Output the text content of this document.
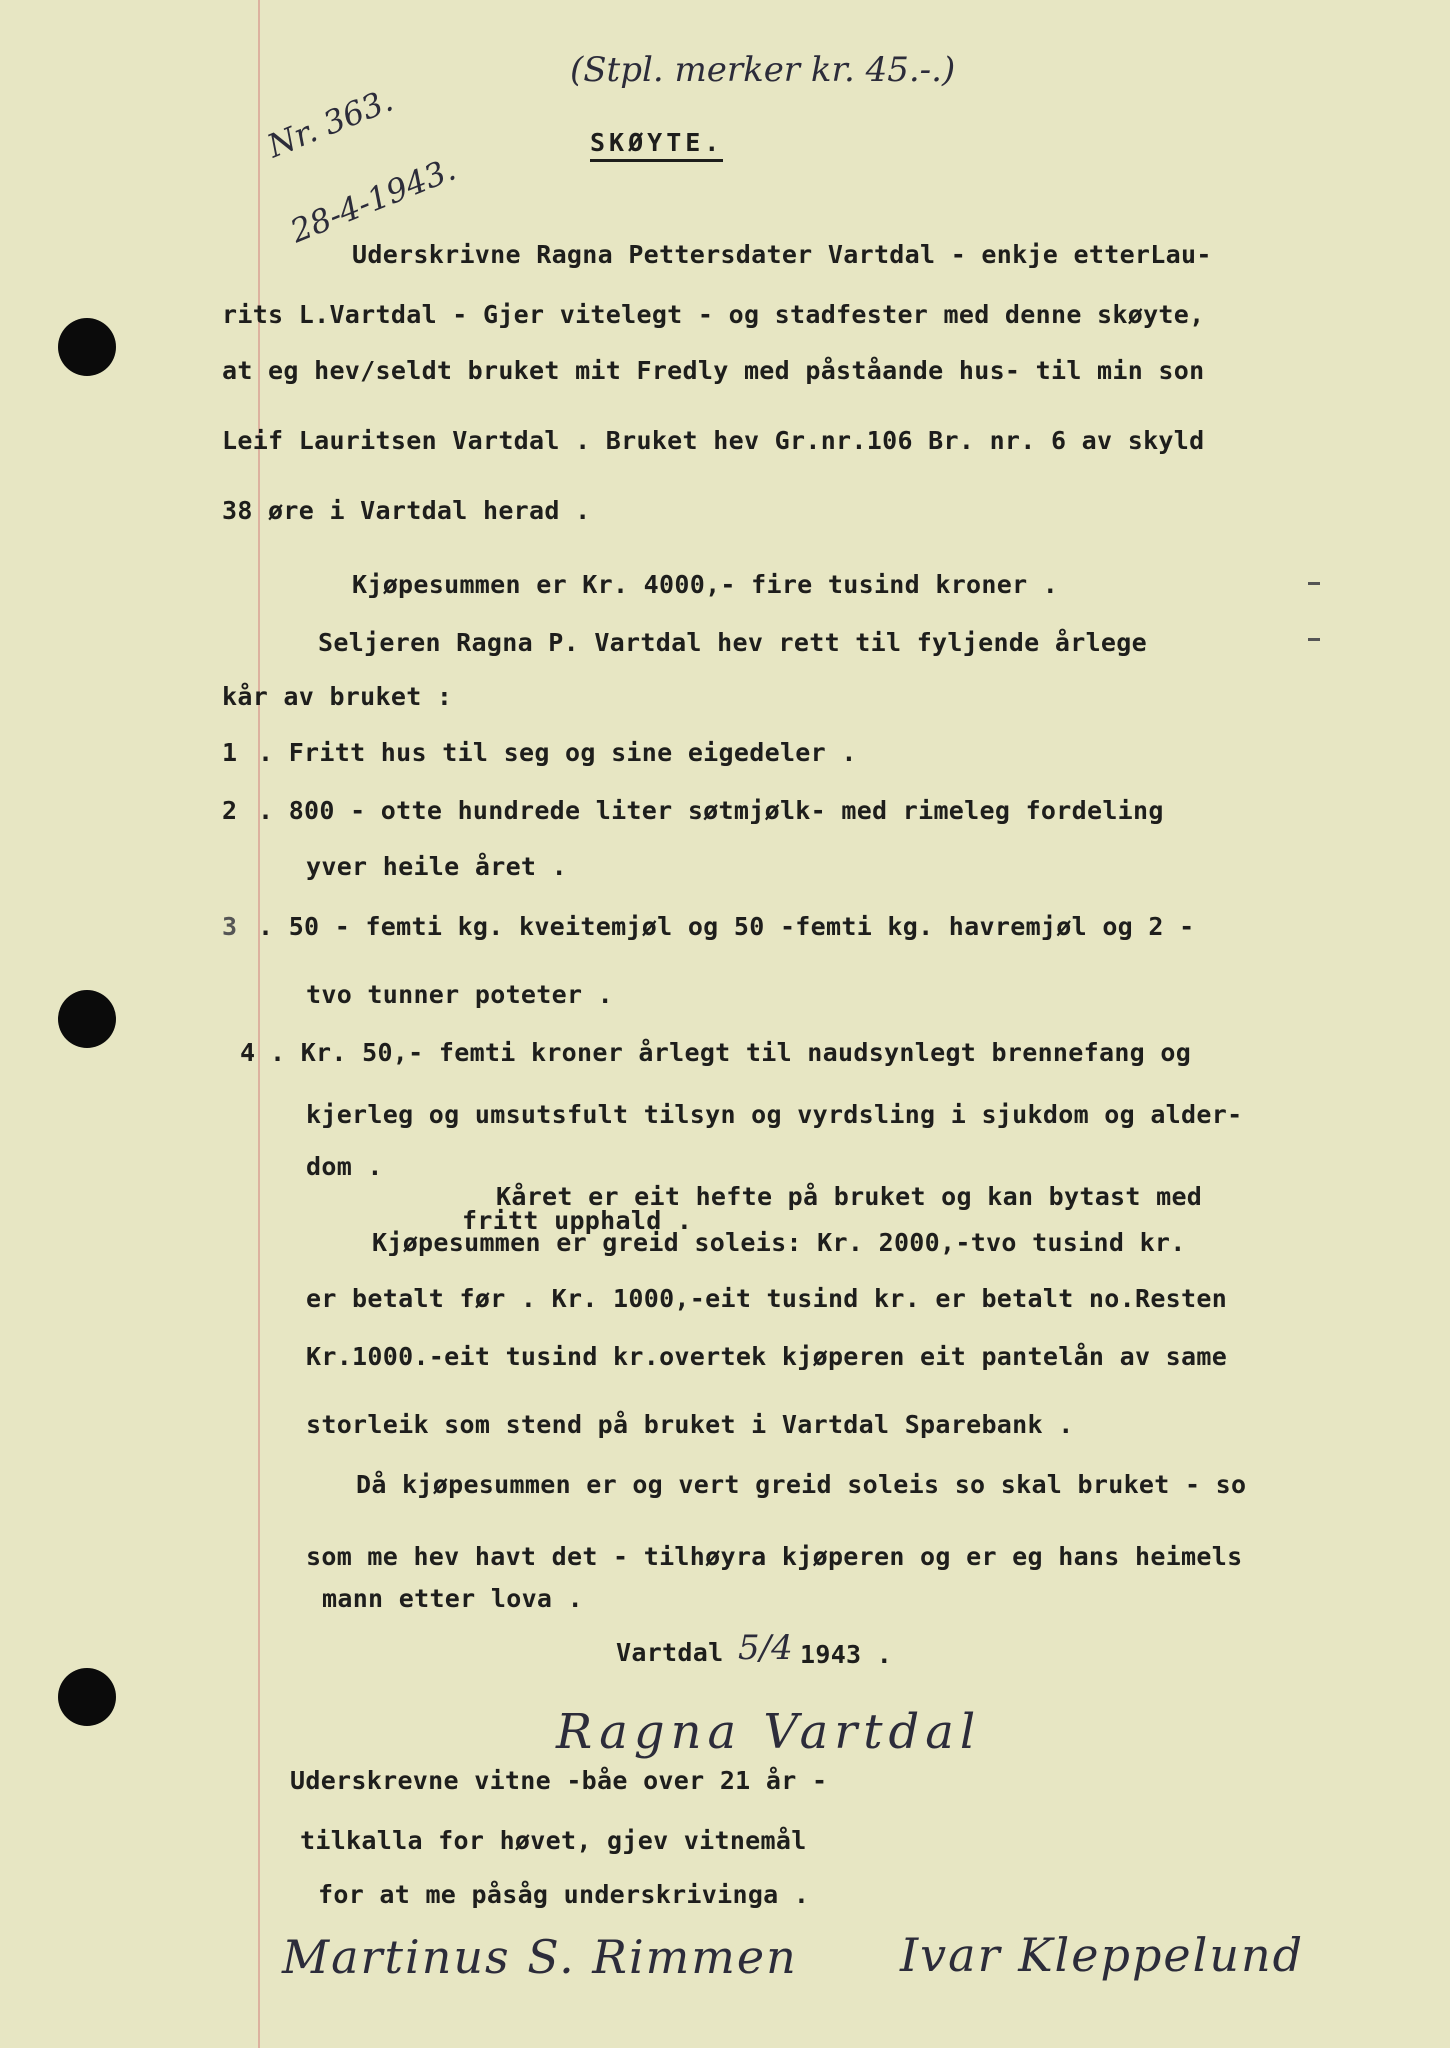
(Stpl. merker kr. 45.-.)
Nr. 363.
28-4-1943.
SKØYTE.
Uderskrivne Ragna Pettersdater Vartdal - enkje etterLau-
rits L.Vartdal - Gjer vitelegt - og stadfester med denne skøyte,
at eg hev/seldt bruket mit Fredly med påståande hus- til min son
Leif Lauritsen Vartdal . Bruket hev Gr.nr.106 Br. nr. 6 av skyld
38 øre i Vartdal herad .
Kjøpesummen er Kr. 4000,- fire tusind kroner .
Seljeren Ragna P. Vartdal hev rett til fyljende årlege
kår av bruket :
1 . Fritt hus til seg og sine eigedeler .
2 . 800 - otte hundrede liter søtmjølk- med rimeleg fordeling
yver heile året .
3 . 50 - femti kg. kveitemjøl og 50 -femti kg. havremjøl og 2 -
tvo tunner poteter .
4 . Kr. 50,- femti kroner årlegt til naudsynlegt brennefang og
kjerleg og umsutsfult tilsyn og vyrdsling i sjukdom og alder-
dom .
Kåret er eit hefte på bruket og kan bytast med
fritt upphald .
Kjøpesummen er greid soleis: Kr. 2000,-tvo tusind kr.
er betalt før . Kr. 1000,-eit tusind kr. er betalt no.Resten
Kr.1000.-eit tusind kr.overtek kjøperen eit pantelån av same
storleik som stend på bruket i Vartdal Sparebank .
Då kjøpesummen er og vert greid soleis so skal bruket - so
som me hev havt det - tilhøyra kjøperen og er eg hans heimels
mann etter lova .
Vartdal 5/4 1943 .
Ragna Vartdal
Uderskrevne vitne -båe over 21 år -
tilkalla for høvet, gjev vitnemål
for at me påsåg underskrivinga .
Martinus S. Rimmen Ivar Kleppelund
